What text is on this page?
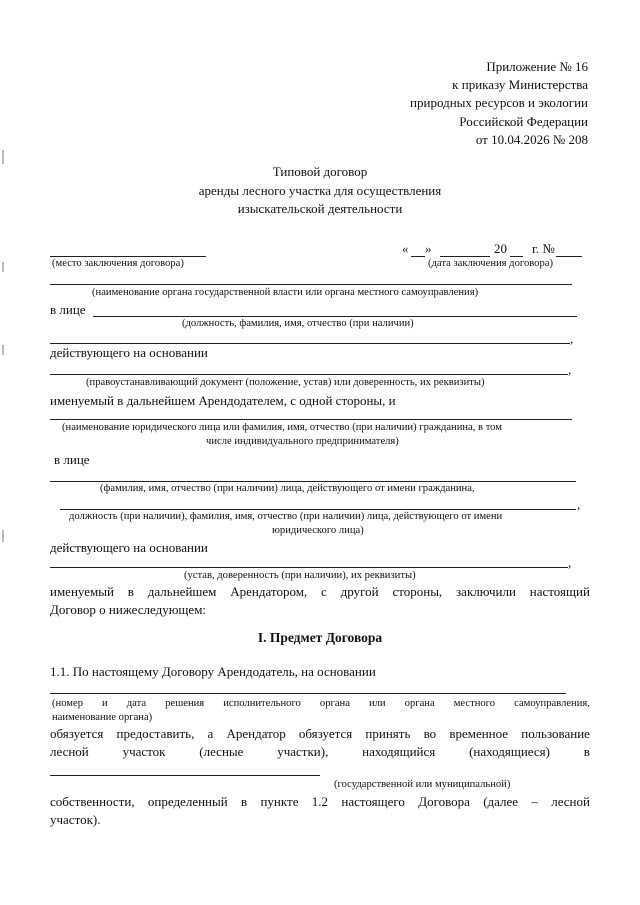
Приложение № 16
к приказу Министерства
природных ресурсов и экологии
Российской Федерации
от 10.04.2026 № 208
Типовой договор
аренды лесного участка для осуществления
изыскательской деятельности
« »	20 г. №
(место заключения договора)	(дата заключения договора)
(наименование органа государственной власти или органа местного самоуправления)
в лице
(должность, фамилия, имя, отчество (при наличии)
,
действующего на основании
,
(правоустанавливающий документ (положение, устав) или доверенность, их реквизиты)
именуемый в дальнейшем Арендодателем, с одной стороны, и
(наименование юридического лица или фамилия, имя, отчество (при наличии) гражданина, в том
числе индивидуального предпринимателя)
в лице
(фамилия, имя, отчество (при наличии) лица, действующего от имени гражданина,
,
должность (при наличии), фамилия, имя, отчество (при наличии) лица, действующего от имени
юридического лица)
действующего на основании
,
(устав, доверенность (при наличии), их реквизиты)
именуемый в дальнейшем Арендатором, с другой стороны, заключили настоящий
Договор о нижеследующем:
I. Предмет Договора
1.1. По настоящему Договору Арендодатель, на основании
(номер и дата решения исполнительного органа или органа местного самоуправления,
наименование органа)
обязуется предоставить, а Арендатор обязуется принять во временное пользование
лесной	участок	(лесные	участки),	находящийся	(находящиеся)	в
(государственной или муниципальной)
собственности, определенный в пункте 1.2 настоящего Договора (далее – лесной
участок).
